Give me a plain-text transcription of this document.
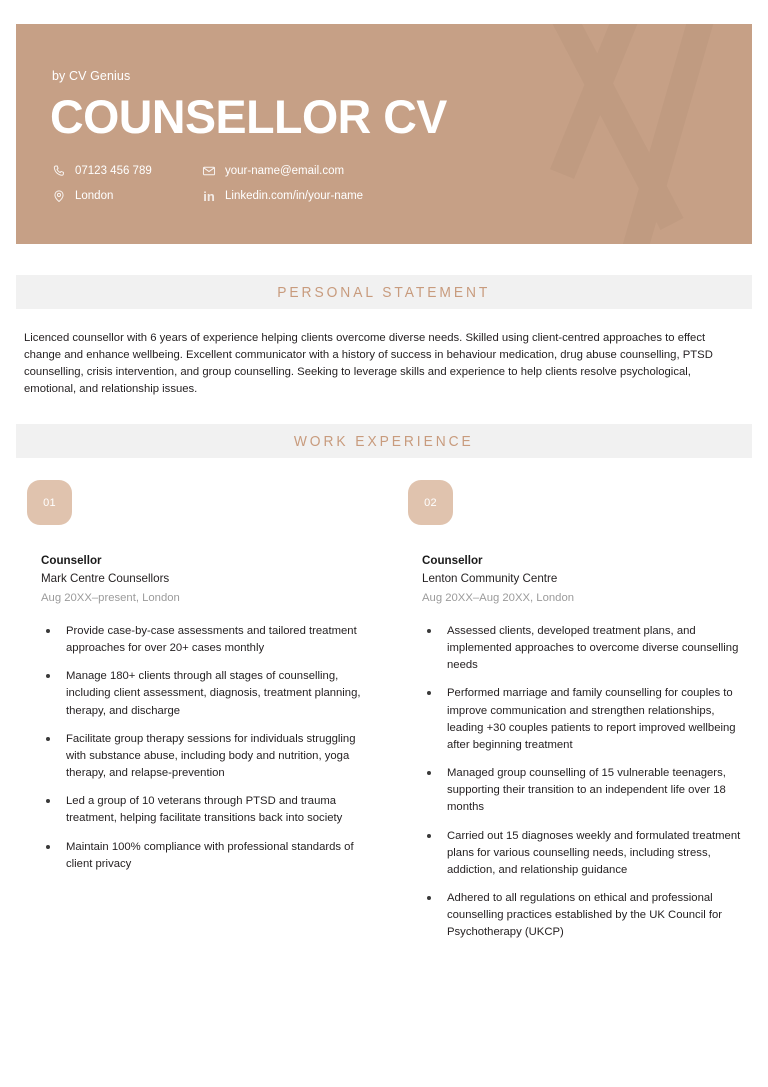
by CV Genius
COUNSELLOR CV
07123 456 789	your-name@email.com
London	in Linkedin.com/in/your-name
PERSONAL STATEMENT
Licenced counsellor with 6 years of experience helping clients overcome diverse needs. Skilled using client-centred approaches to effect change and enhance wellbeing. Excellent communicator with a history of success in behaviour medication, drug abuse counselling, PTSD counselling, crisis intervention, and group counselling. Seeking to leverage skills and experience to help clients resolve psychological, emotional, and relationship issues.
WORK EXPERIENCE
01
Counsellor
Mark Centre Counsellors
Aug 20XX–present, London
Provide case-by-case assessments and tailored treatment approaches for over 20+ cases monthly
Manage 180+ clients through all stages of counselling, including client assessment, diagnosis, treatment planning, therapy, and discharge
Facilitate group therapy sessions for individuals struggling with substance abuse, including body and nutrition, yoga therapy, and relapse-prevention
Led a group of 10 veterans through PTSD and trauma treatment, helping facilitate transitions back into society
Maintain 100% compliance with professional standards of client privacy
02
Counsellor
Lenton Community Centre
Aug 20XX–Aug 20XX, London
Assessed clients, developed treatment plans, and implemented approaches to overcome diverse counselling needs
Performed marriage and family counselling for couples to improve communication and strengthen relationships, leading +30 couples patients to report improved wellbeing after beginning treatment
Managed group counselling of 15 vulnerable teenagers, supporting their transition to an independent life over 18 months
Carried out 15 diagnoses weekly and formulated treatment plans for various counselling needs, including stress, addiction, and relationship guidance
Adhered to all regulations on ethical and professional counselling practices established by the UK Council for Psychotherapy (UKCP)
